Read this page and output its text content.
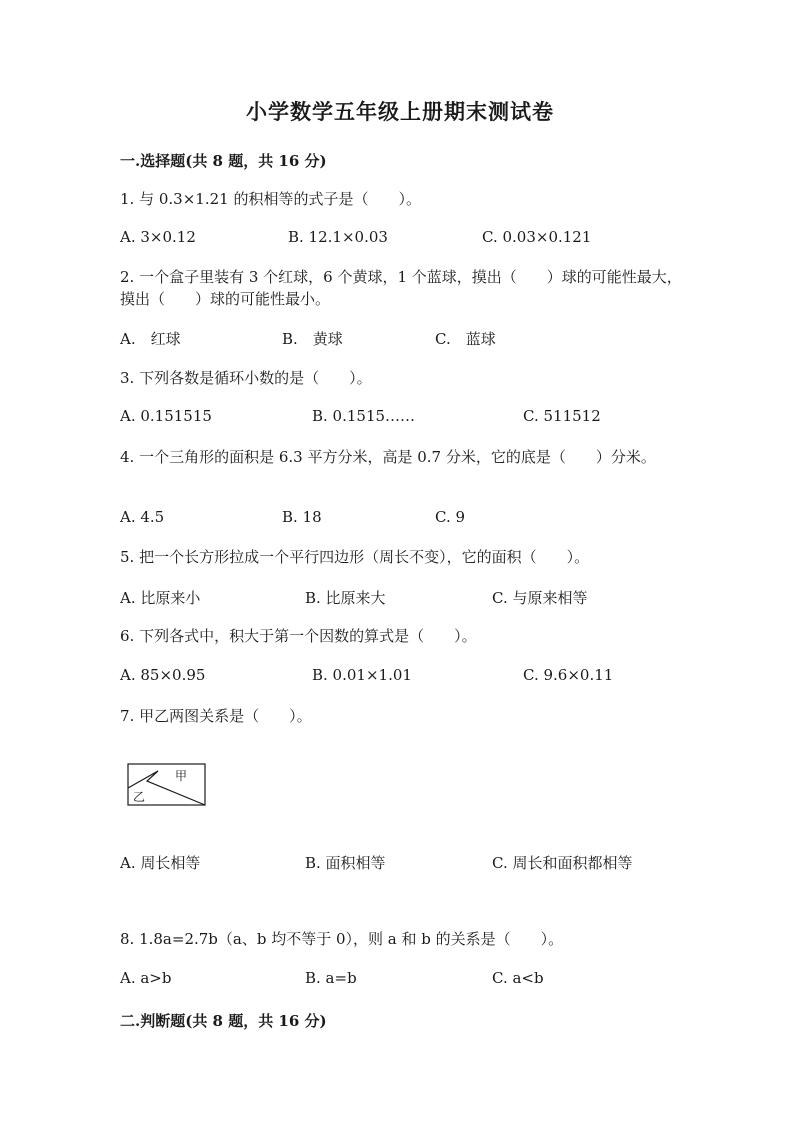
小学数学五年级上册期末测试卷
一.选择题(共 8 题，共 16 分)
1. 与 0.3×1.21 的积相等的式子是（　　）。
A. 3×0.12	B. 12.1×0.03	C. 0.03×0.121
2. 一个盒子里装有 3 个红球，6 个黄球，1 个蓝球，摸出（　　）球的可能性最大，摸出（　　）球的可能性最小。
A.　红球	B.　黄球	C.　蓝球
3. 下列各数是循环小数的是（　　）。
A. 0.151515	B. 0.1515……	C. 511512
4. 一个三角形的面积是 6.3 平方分米，高是 0.7 分米，它的底是（　　）分米。
A. 4.5	B. 18	C. 9
5. 把一个长方形拉成一个平行四边形（周长不变），它的面积（　　）。
A. 比原来小	B. 比原来大	C. 与原来相等
6. 下列各式中，积大于第一个因数的算式是（　　）。
A. 85×0.95	B. 0.01×1.01	C. 9.6×0.11
7. 甲乙两图关系是（　　）。
甲
乙
A. 周长相等	B. 面积相等	C. 周长和面积都相等
8. 1.8a=2.7b（a、b 均不等于 0），则 a 和 b 的关系是（　　）。
A. a>b	B. a=b	C. a<b
二.判断题(共 8 题，共 16 分)
